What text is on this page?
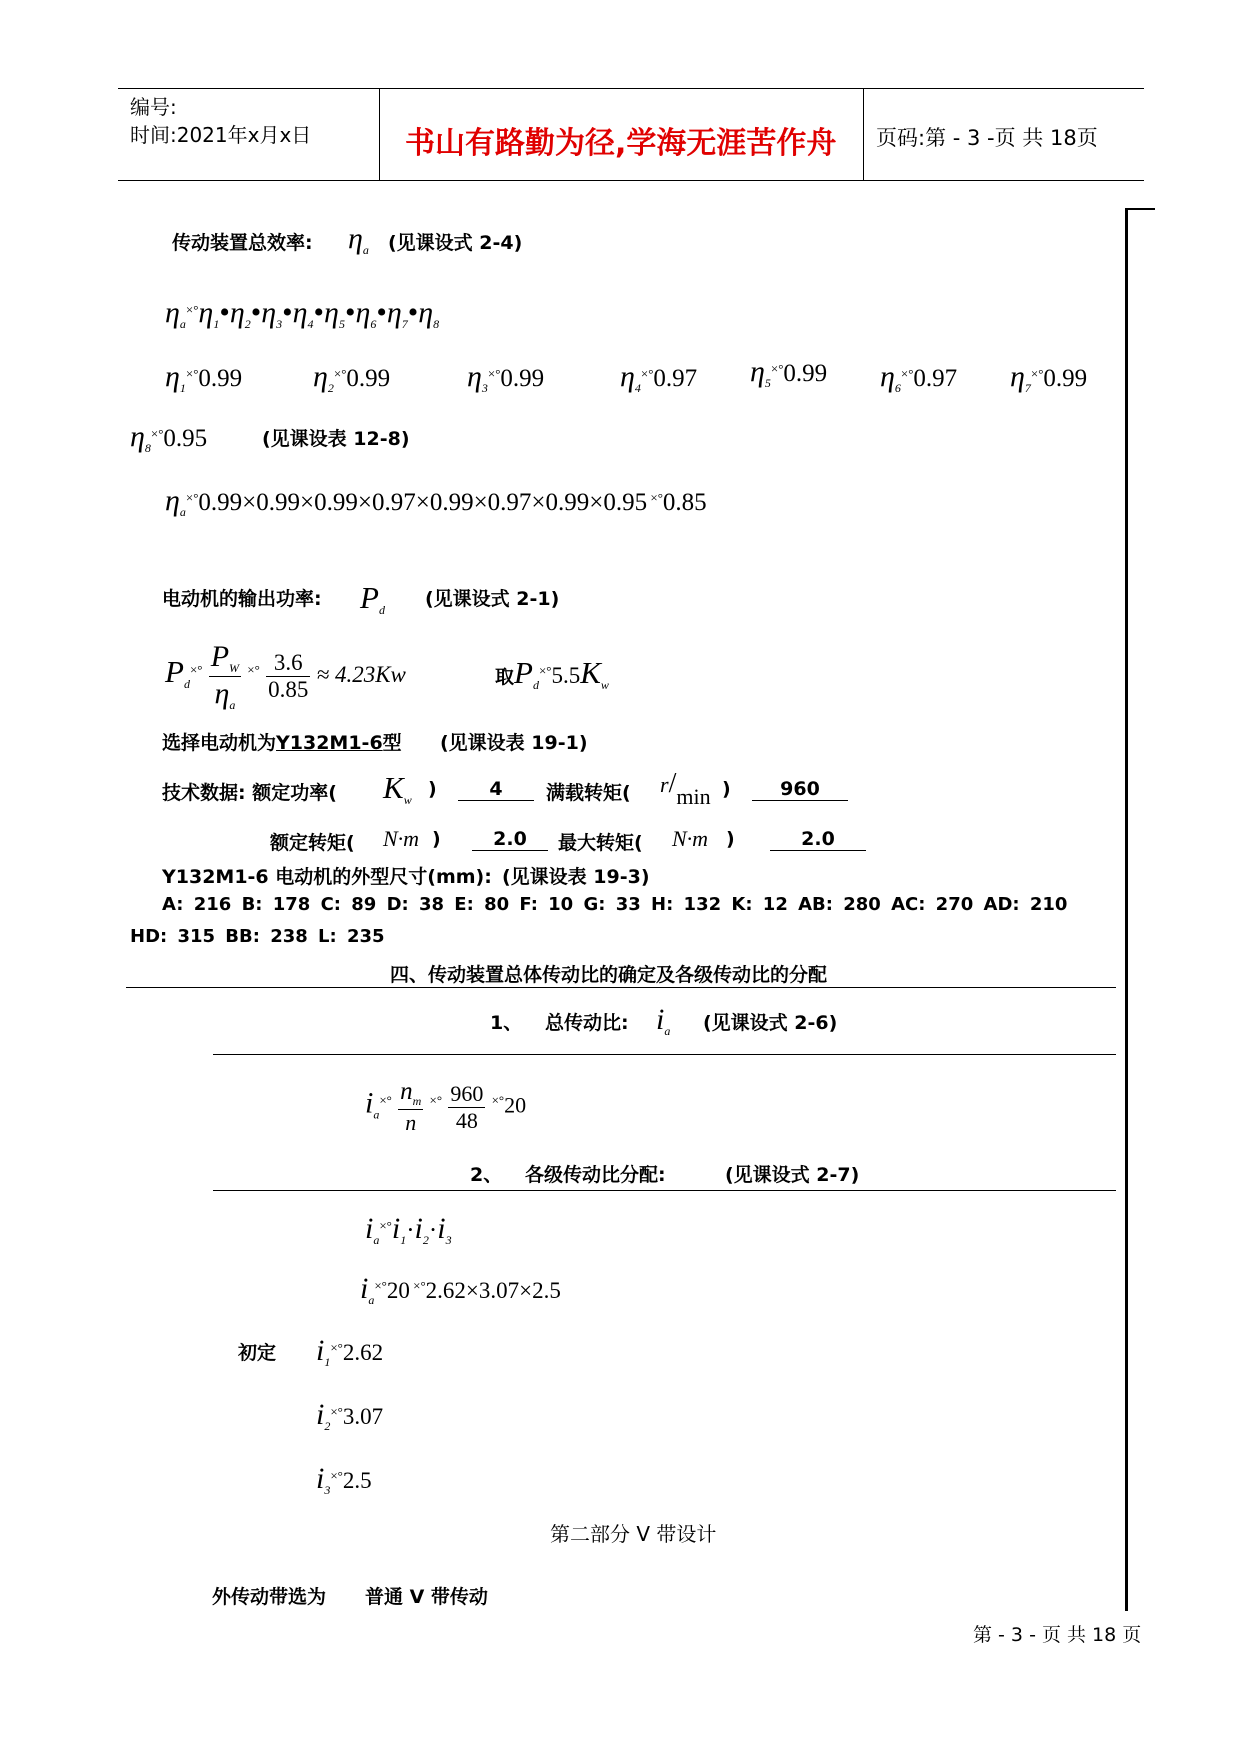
编号:
时间:2021年x月x日	书山有路勤为径,学海无涯苦作舟 页码:第 - 3 -页 共 18页
传动装置总效率: $\eta_a$ (见课设式 2-4)
$\eta_a^{\times^\circ}\eta_1•\eta_2•\eta_3•\eta_4•\eta_5•\eta_6•\eta_7•\eta_8$
$\eta_1^{\times^\circ}0.99$ $\eta_2^{\times^\circ}0.99$	$\eta_3^{\times^\circ}0.99$	$\eta_4^{\times^\circ}0.97$ $\eta_5^{\times^\circ}0.99$ $\eta_6^{\times^\circ}0.97$ $\eta_7^{\times^\circ}0.99$
$\eta_8^{\times^\circ}0.95$	(见课设表 12-8)
$\eta_a^{\times^\circ}0.99\times 0.99\times 0.99\times 0.97\times 0.99\times 0.97\times 0.99\times 0.95$ ×°0.85
电动机的输出功率: $P_d$ (见课设式 2-1)
$P_d^{\times^\circ} \frac{P_W}{\eta_a} ^{\times^\circ} \frac{3.6}{0.85} \approx 4.23Kw$	取$P_d^{\times^\circ}5.5K_w$
选择电动机为Y132M1-6型 (见课设表 19-1)
技术数据: 额定功率( $K_w$ )	4	满载转矩( r/min )	960
额定转矩( N·m )	2.0	最大转矩( N·m )	2.0
Y132M1-6 电动机的外型尺寸(mm): (见课设表 19-3)
A: 216 B: 178 C: 89 D: 38 E: 80 F: 10 G: 33 H: 132 K: 12 AB: 280 AC: 270 AD: 210
HD: 315 BB: 238 L: 235
四、传动装置总体传动比的确定及各级传动比的分配
1、 总传动比: $i_a$ (见课设式 2-6)
$i_a^{\times^\circ} \frac{n_m}{n} ^{\times^\circ} \frac{960}{48} ^{\times^\circ}20$
2、 各级传动比分配:	(见课设式 2-7)
$i_a^{\times^\circ}i_1\cdot i_2\cdot i_3$
$i_a^{\times^\circ}20$ ×°2.62×3.07×2.5
初定 $i_1^{\times^\circ}2.62$
$i_2^{\times^\circ}3.07$
$i_3^{\times^\circ}2.5$
第二部分 V 带设计
外传动带选为 普通 V 带传动
第 - 3 - 页 共 18 页
